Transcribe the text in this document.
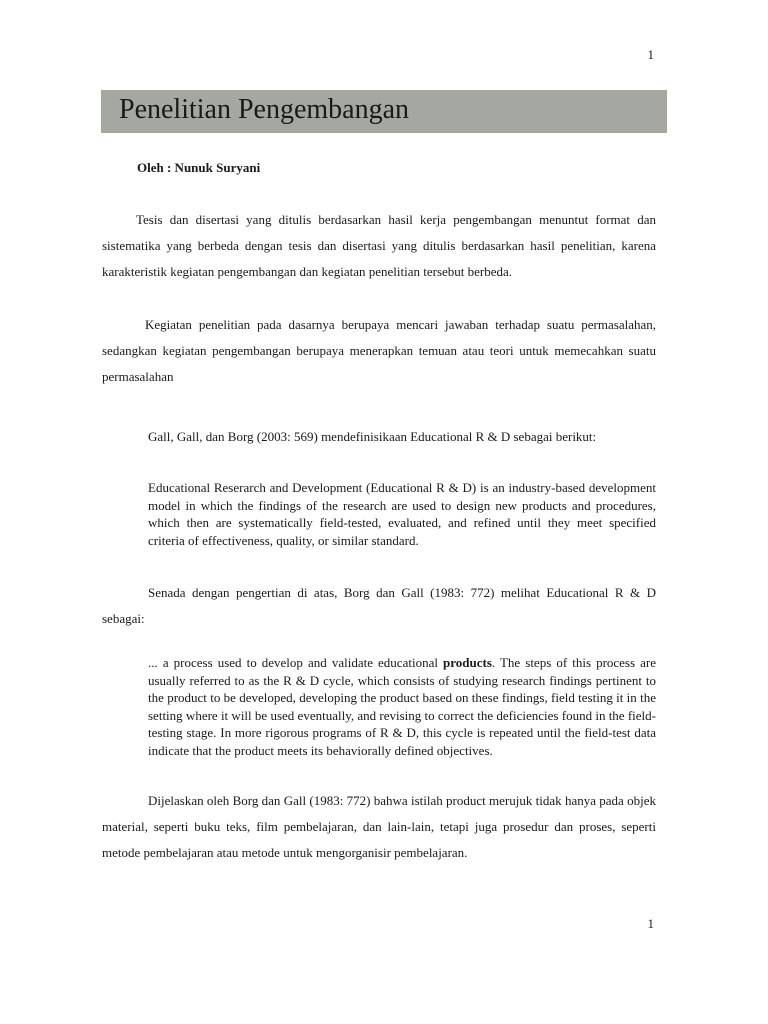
1
Penelitian Pengembangan
Oleh : Nunuk Suryani

Tesis dan disertasi yang ditulis berdasarkan hasil kerja pengembangan menuntut format dan sistematika yang berbeda dengan tesis dan disertasi yang ditulis berdasarkan hasil penelitian, karena karakteristik kegiatan pengembangan dan kegiatan penelitian tersebut berbeda.

Kegiatan penelitian pada dasarnya berupaya mencari jawaban terhadap suatu permasalahan, sedangkan kegiatan pengembangan berupaya menerapkan temuan atau teori untuk memecahkan suatu permasalahan

Gall, Gall, dan Borg (2003: 569) mendefinisikaan Educational R & D sebagai berikut:

Educational Reserarch and Development (Educational R & D) is an industry-based development model in which the findings of the research are used to design new products and procedures, which then are systematically field-tested, evaluated, and refined until they meet specified criteria of effectiveness, quality, or similar standard.

Senada dengan pengertian di atas, Borg dan Gall (1983: 772) melihat Educational R & D sebagai:

... a process used to develop and validate educational products. The steps of this process are usually referred to as the R & D cycle, which consists of studying research findings pertinent to the product to be developed, developing the product based on these findings, field testing it in the setting where it will be used eventually, and revising to correct the deficiencies found in the field-testing stage. In more rigorous programs of R & D, this cycle is repeated until the field-test data indicate that the product meets its behaviorally defined objectives.

Dijelaskan oleh Borg dan Gall (1983: 772) bahwa istilah product merujuk tidak hanya pada objek material, seperti buku teks, film pembelajaran, dan lain-lain, tetapi juga prosedur dan proses, seperti metode pembelajaran atau metode untuk mengorganisir pembelajaran.

1
